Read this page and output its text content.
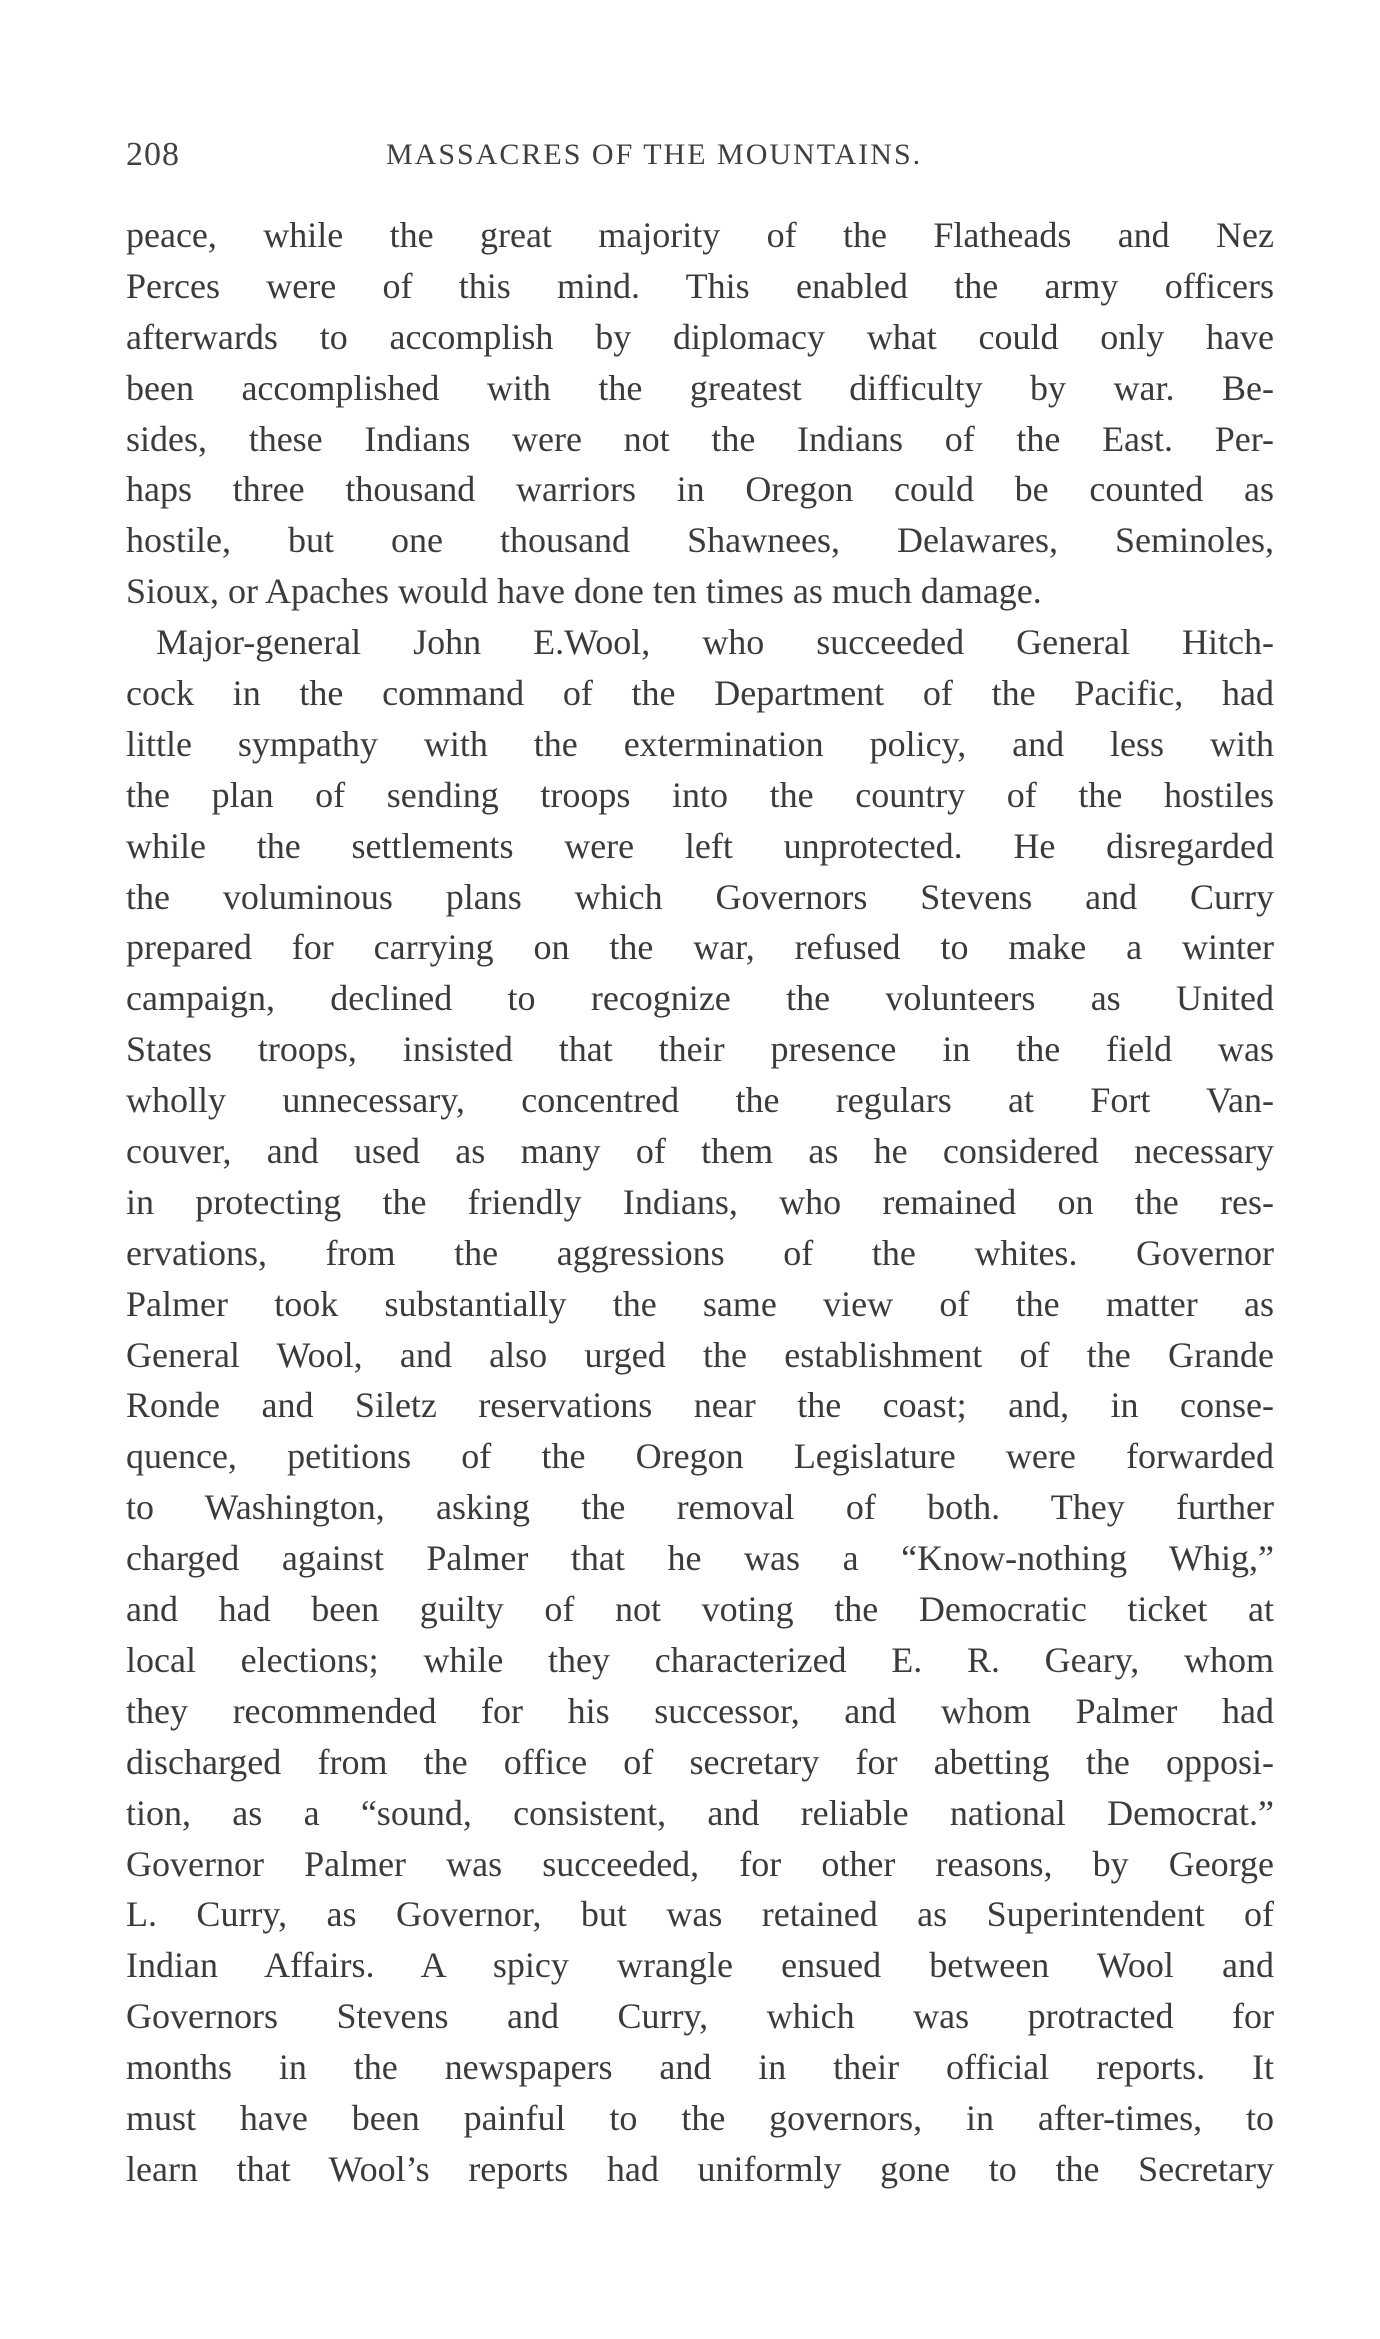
208	MASSACRES OF THE MOUNTAINS.
peace, while the great majority of the Flatheads and Nez
Perces were of this mind. This enabled the army officers
afterwards to accomplish by diplomacy what could only have
been accomplished with the greatest difficulty by war. Be-
sides, these Indians were not the Indians of the East. Per-
haps three thousand warriors in Oregon could be counted as
hostile, but one thousand Shawnees, Delawares, Seminoles,
Sioux, or Apaches would have done ten times as much damage.
Major-general John E.Wool, who succeeded General Hitch-
cock in the command of the Department of the Pacific, had
little sympathy with the extermination policy, and less with
the plan of sending troops into the country of the hostiles
while the settlements were left unprotected. He disregarded
the voluminous plans which Governors Stevens and Curry
prepared for carrying on the war, refused to make a winter
campaign, declined to recognize the volunteers as United
States troops, insisted that their presence in the field was
wholly unnecessary, concentred the regulars at Fort Van-
couver, and used as many of them as he considered necessary
in protecting the friendly Indians, who remained on the res-
ervations, from the aggressions of the whites. Governor
Palmer took substantially the same view of the matter as
General Wool, and also urged the establishment of the Grande
Ronde and Siletz reservations near the coast; and, in conse-
quence, petitions of the Oregon Legislature were forwarded
to Washington, asking the removal of both. They further
charged against Palmer that he was a “Know-nothing Whig,”
and had been guilty of not voting the Democratic ticket at
local elections; while they characterized E. R. Geary, whom
they recommended for his successor, and whom Palmer had
discharged from the office of secretary for abetting the opposi-
tion, as a “sound, consistent, and reliable national Democrat.”
Governor Palmer was succeeded, for other reasons, by George
L. Curry, as Governor, but was retained as Superintendent of
Indian Affairs. A spicy wrangle ensued between Wool and
Governors Stevens and Curry, which was protracted for
months in the newspapers and in their official reports. It
must have been painful to the governors, in after-times, to
learn that Wool’s reports had uniformly gone to the Secretary
